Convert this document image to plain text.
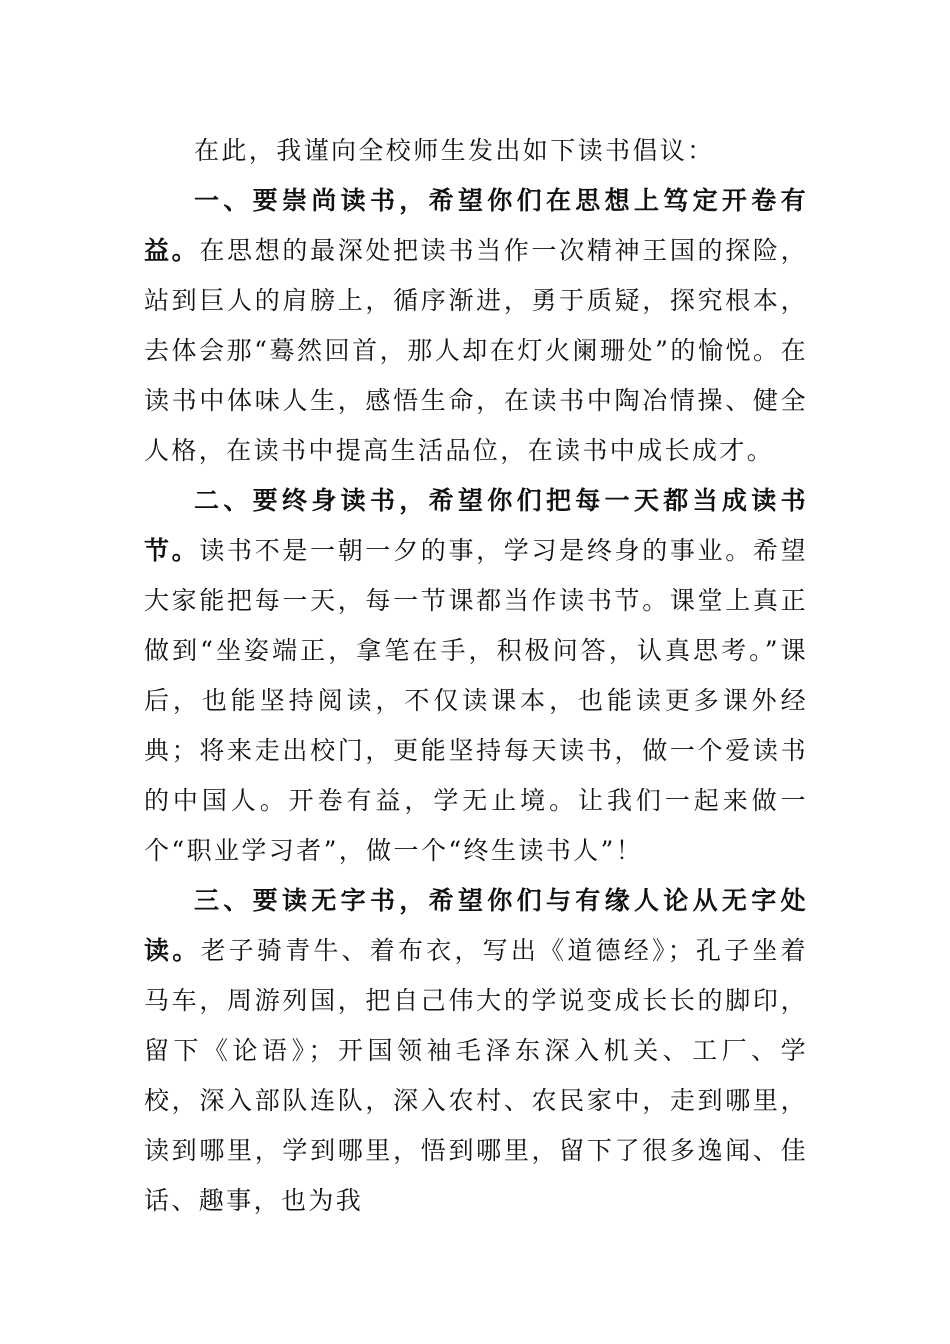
在此，我谨向全校师生发出如下读书倡议：

一、要崇尚读书，希望你们在思想上笃定开卷有益。在思想的最深处把读书当作一次精神王国的探险，站到巨人的肩膀上，循序渐进，勇于质疑，探究根本，去体会那“蓦然回首，那人却在灯火阑珊处”的愉悦。在读书中体味人生，感悟生命，在读书中陶冶情操、健全人格，在读书中提高生活品位，在读书中成长成才。

二、要终身读书，希望你们把每一天都当成读书节。读书不是一朝一夕的事，学习是终身的事业。希望大家能把每一天，每一节课都当作读书节。课堂上真正做到“坐姿端正，拿笔在手，积极问答，认真思考。”课后，也能坚持阅读，不仅读课本，也能读更多课外经典；将来走出校门，更能坚持每天读书，做一个爱读书的中国人。开卷有益，学无止境。让我们一起来做一个“职业学习者”，做一个“终生读书人”！

三、要读无字书，希望你们与有缘人论从无字处读。老子骑青牛、着布衣，写出《道德经》；孔子坐着马车，周游列国，把自己伟大的学说变成长长的脚印，留下《论语》；开国领袖毛泽东深入机关、工厂、学校，深入部队连队，深入农村、农民家中，走到哪里，读到哪里，学到哪里，悟到哪里，留下了很多逸闻、佳话、趣事，也为我
